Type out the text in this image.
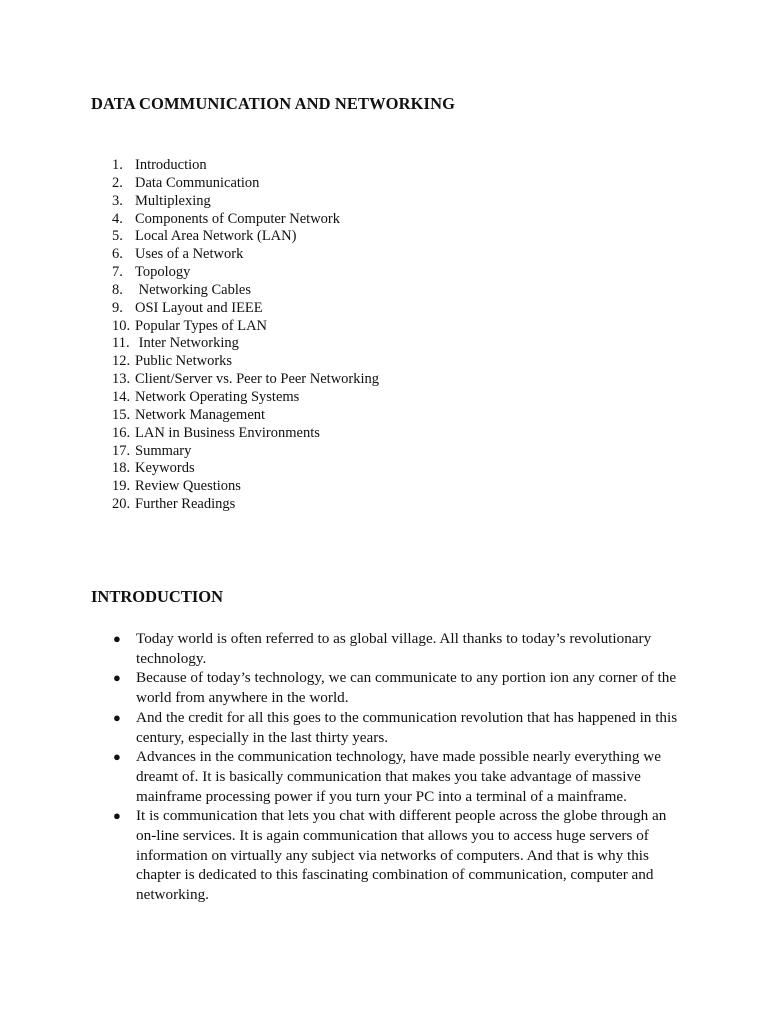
DATA COMMUNICATION AND NETWORKING
1. Introduction
2. Data Communication
3. Multiplexing
4. Components of Computer Network
5. Local Area Network (LAN)
6. Uses of a Network
7. Topology
8. Networking Cables
9. OSI Layout and IEEE
10. Popular Types of LAN
11. Inter Networking
12. Public Networks
13. Client/Server vs. Peer to Peer Networking
14. Network Operating Systems
15. Network Management
16. LAN in Business Environments
17. Summary
18. Keywords
19. Review Questions
20. Further Readings
INTRODUCTION
● Today world is often referred to as global village. All thanks to today’s revolutionary technology.
● Because of today’s technology, we can communicate to any portion ion any corner of the world from anywhere in the world.
● And the credit for all this goes to the communication revolution that has happened in this century, especially in the last thirty years.
● Advances in the communication technology, have made possible nearly everything we dreamt of. It is basically communication that makes you take advantage of massive mainframe processing power if you turn your PC into a terminal of a mainframe.
● It is communication that lets you chat with different people across the globe through an on-line services. It is again communication that allows you to access huge servers of information on virtually any subject via networks of computers. And that is why this chapter is dedicated to this fascinating combination of communication, computer and networking.
